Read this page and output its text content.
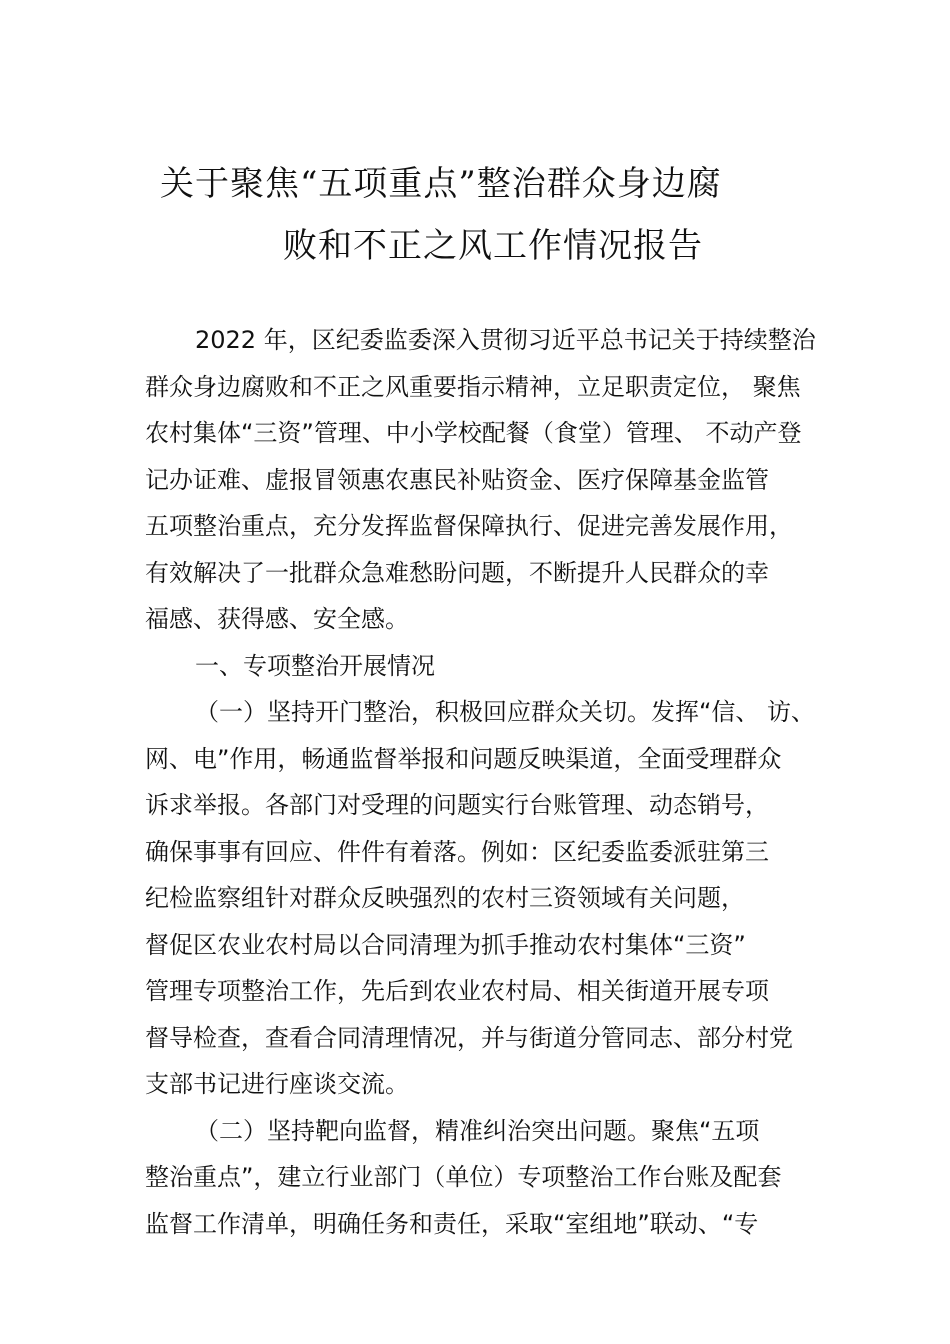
关于聚焦“五项重点”整治群众身边腐
败和不正之风工作情况报告
2022 年，区纪委监委深入贯彻习近平总书记关于持续整治
群众身边腐败和不正之风重要指示精神，立足职责定位， 聚焦
农村集体“三资”管理、中小学校配餐（食堂）管理、 不动产登
记办证难、虚报冒领惠农惠民补贴资金、医疗保障基金监管
五项整治重点，充分发挥监督保障执行、促进完善发展作用，
有效解决了一批群众急难愁盼问题，不断提升人民群众的幸
福感、获得感、安全感。
一、专项整治开展情况
（一）坚持开门整治，积极回应群众关切。发挥“信、 访、
网、电”作用，畅通监督举报和问题反映渠道，全面受理群众
诉求举报。各部门对受理的问题实行台账管理、动态销号，
确保事事有回应、件件有着落。例如：区纪委监委派驻第三
纪检监察组针对群众反映强烈的农村三资领域有关问题，
督促区农业农村局以合同清理为抓手推动农村集体“三资”
管理专项整治工作，先后到农业农村局、相关街道开展专项
督导检查，查看合同清理情况，并与街道分管同志、部分村党
支部书记进行座谈交流。
（二）坚持靶向监督，精准纠治突出问题。聚焦“五项
整治重点”，建立行业部门（单位）专项整治工作台账及配套
监督工作清单，明确任务和责任，采取“室组地”联动、“专
